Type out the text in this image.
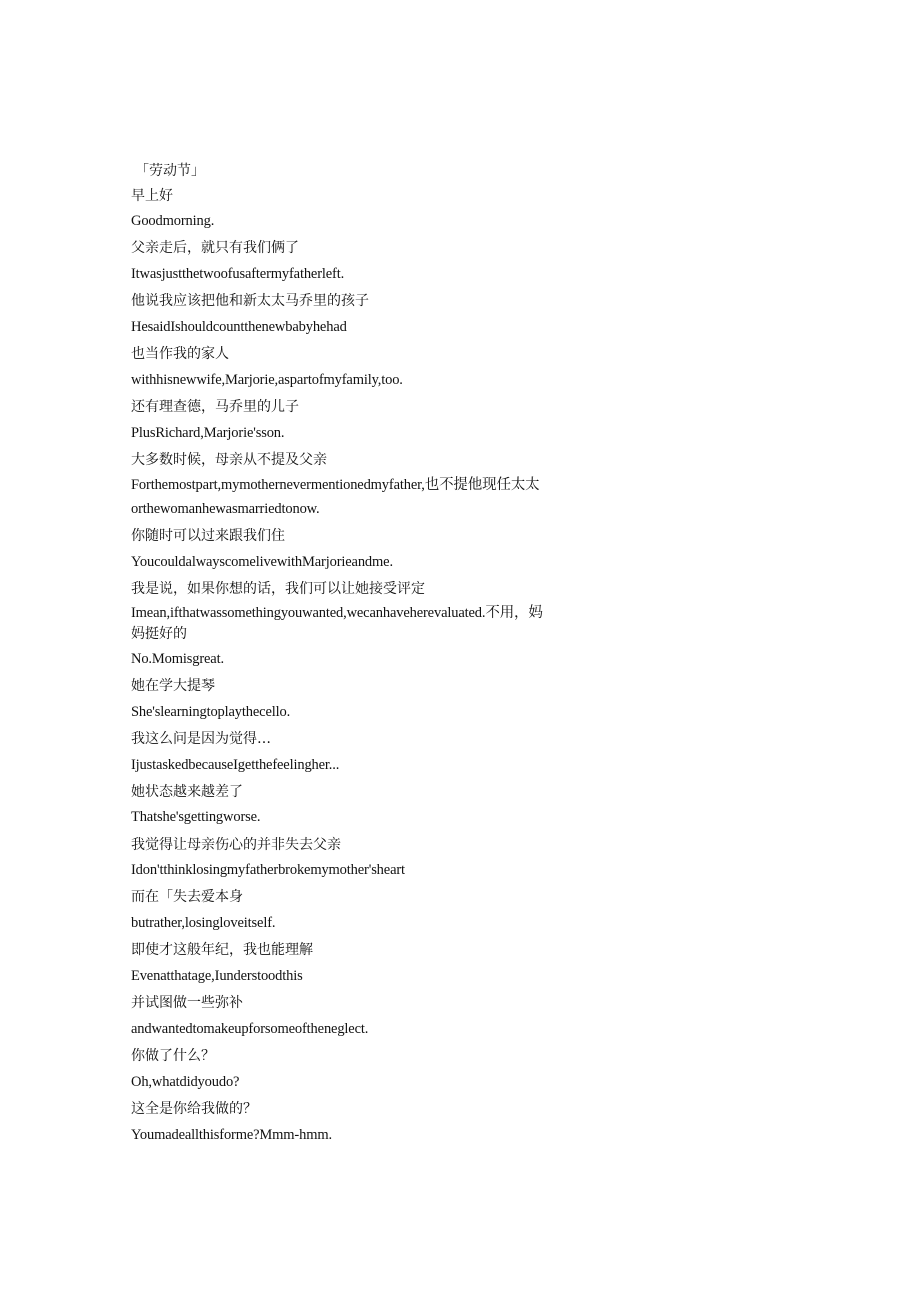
「劳动节」
早上好
Goodmorning.
父亲走后，就只有我们俩了
Itwasjustthetwoofusaftermyfatherleft.
他说我应该把他和新太太马乔里的孩子
HesaidIshouldcountthenewbabyhehad
也当作我的家人
withhisnewwife,Marjorie,aspartofmyfamily,too.
还有理查德，马乔里的儿子
PlusRichard,Marjorie'sson.
大多数时候，母亲从不提及父亲
Forthemostpart,mymothernevermentionedmyfather,也不提他现任太太
orthewomanhewasmarriedtonow.
你随时可以过来跟我们住
YoucouldalwayscomelivewithMarjorieandme.
我是说，如果你想的话，我们可以让她接受评定
Imean,ifthatwassomethingyouwanted,wecanhaveherevaluated.不用，妈
妈挺好的
No.Momisgreat.
她在学大提琴
She'slearningtoplaythecello.
我这么问是因为觉得…
IjustaskedbecauseIgetthefeelingher...
她状态越来越差了
Thatshe'sgettingworse.
我觉得让母亲伤心的并非失去父亲
Idon'tthinklosingmyfatherbrokemymother'sheart
而在「失去爱本身
butrather,losingloveitself.
即使才这般年纪，我也能理解
Evenatthatage,Iunderstoodthis
并试图做一些弥补
andwantedtomakeupforsomeoftheneglect.
你做了什么？
Oh,whatdidyoudo?
这全是你给我做的？
Youmadeallthisforme?Mmm-hmm.
